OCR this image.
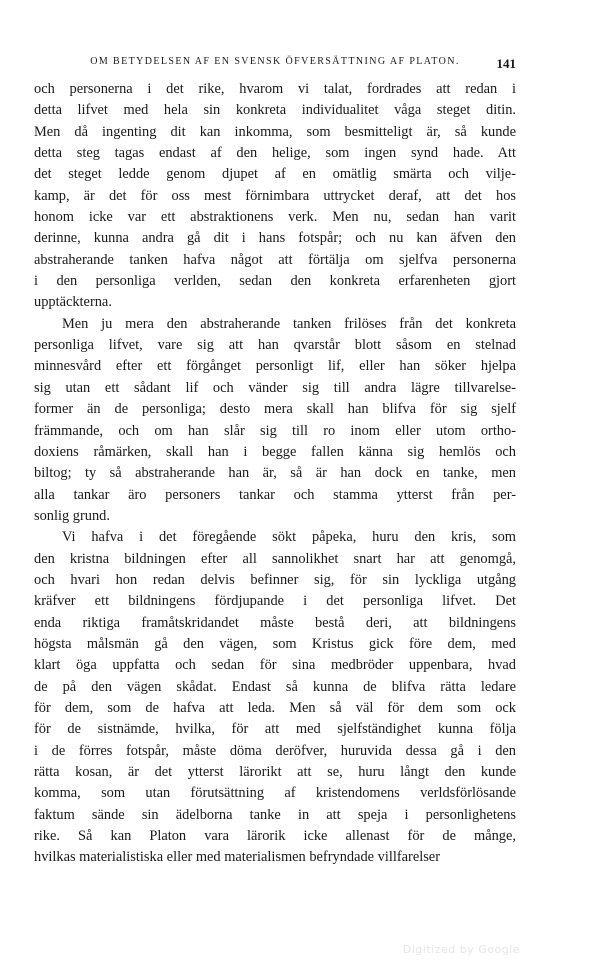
OM BETYDELSEN AF EN SVENSK ÖFVERSÄTTNING AF PLATON.	141
och personerna i det rike, hvarom vi talat, fordrades att redan i
detta lifvet med hela sin konkreta individualitet våga steget ditin.
Men då ingenting dit kan inkomma, som besmitteligt är, så kunde
detta steg tagas endast af den helige, som ingen synd hade. Att
det steget ledde genom djupet af en omätlig smärta och vilje-
kamp, är det för oss mest förnimbara uttrycket deraf, att det hos
honom icke var ett abstraktionens verk. Men nu, sedan han varit
derinne, kunna andra gå dit i hans fotspår; och nu kan äfven den
abstraherande tanken hafva något att förtälja om sjelfva personerna
i den personliga verlden, sedan den konkreta erfarenheten gjort
upptäckterna.
Men ju mera den abstraherande tanken frilöses från det konkreta
personliga lifvet, vare sig att han qvarstår blott såsom en stelnad
minnesvård efter ett förgånget personligt lif, eller han söker hjelpa
sig utan ett sådant lif och vänder sig till andra lägre tillvarelse-
former än de personliga; desto mera skall han blifva för sig sjelf
främmande, och om han slår sig till ro inom eller utom ortho-
doxiens råmärken, skall han i begge fallen känna sig hemlös och
biltog; ty så abstraherande han är, så är han dock en tanke, men
alla tankar äro personers tankar och stamma ytterst från per-
sonlig grund.
Vi hafva i det föregående sökt påpeka, huru den kris, som
den kristna bildningen efter all sannolikhet snart har att genomgå,
och hvari hon redan delvis befinner sig, för sin lyckliga utgång
kräfver ett bildningens fördjupande i det personliga lifvet. Det
enda riktiga framåtskridandet måste bestå deri, att bildningens
högsta målsmän gå den vägen, som Kristus gick före dem, med
klart öga uppfatta och sedan för sina medbröder uppenbara, hvad
de på den vägen skådat. Endast så kunna de blifva rätta ledare
för dem, som de hafva att leda. Men så väl för dem som ock
för de sistnämde, hvilka, för att med sjelfständighet kunna följa
i de förres fotspår, måste döma deröfver, huruvida dessa gå i den
rätta kosan, är det ytterst lärorikt att se, huru långt den kunde
komma, som utan förutsättning af kristendomens verldsförlösande
faktum sände sin ädelborna tanke in att speja i personlighetens
rike. Så kan Platon vara lärorik icke allenast för de månge,
hvilkas materialistiska eller med materialismen befryndade villfarelser
Digitized by Google
